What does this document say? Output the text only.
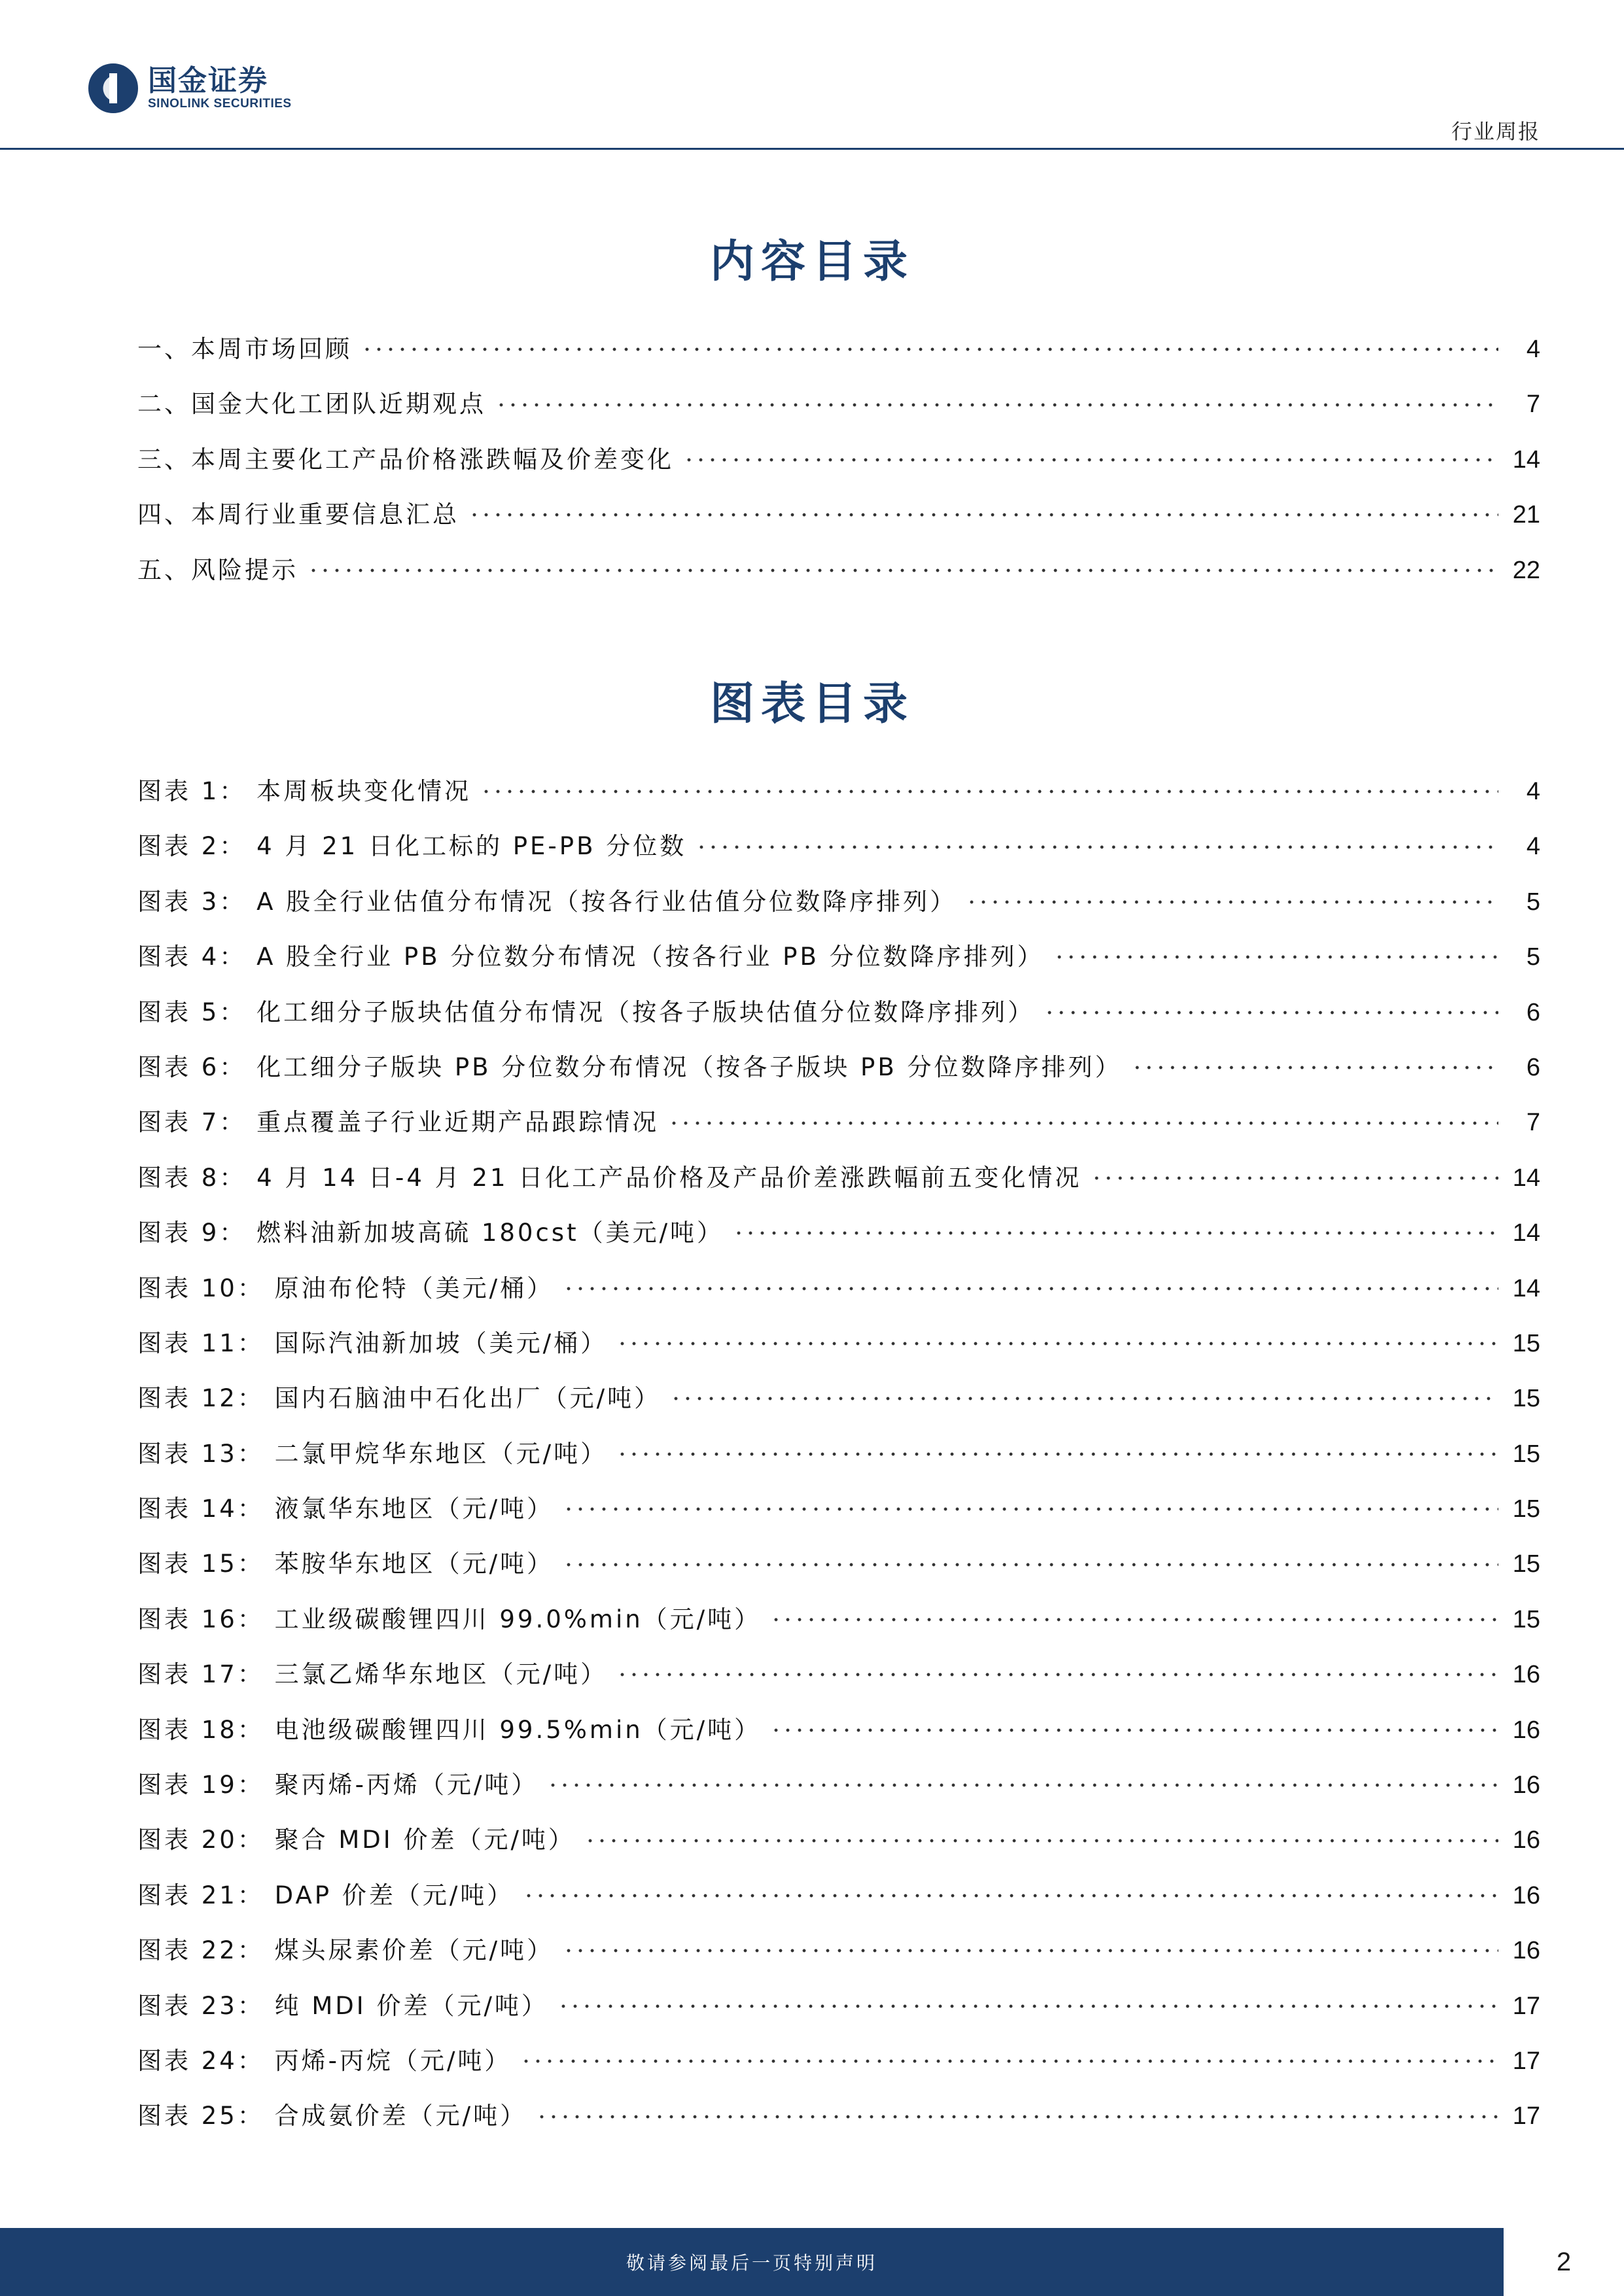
国金证券
SINOLINK SECURITIES
行业周报
内容目录
一、本周市场回顾	4
二、国金大化工团队近期观点	7
三、本周主要化工产品价格涨跌幅及价差变化	14
四、本周行业重要信息汇总	21
五、风险提示	22
图表目录
图表 1： 本周板块变化情况	4
图表 2： 4 月 21 日化工标的 PE-PB 分位数	4
图表 3： A 股全行业估值分布情况（按各行业估值分位数降序排列）	5
图表 4： A 股全行业 PB 分位数分布情况（按各行业 PB 分位数降序排列）	5
图表 5： 化工细分子版块估值分布情况（按各子版块估值分位数降序排列）	6
图表 6： 化工细分子版块 PB 分位数分布情况（按各子版块 PB 分位数降序排列）	6
图表 7： 重点覆盖子行业近期产品跟踪情况	7
图表 8： 4 月 14 日-4 月 21 日化工产品价格及产品价差涨跌幅前五变化情况	14
图表 9： 燃料油新加坡高硫 180cst（美元/吨）	14
图表 10： 原油布伦特（美元/桶）	14
图表 11： 国际汽油新加坡（美元/桶）	15
图表 12： 国内石脑油中石化出厂（元/吨）	15
图表 13： 二氯甲烷华东地区（元/吨）	15
图表 14： 液氯华东地区（元/吨）	15
图表 15： 苯胺华东地区（元/吨）	15
图表 16： 工业级碳酸锂四川 99.0%min（元/吨）	15
图表 17： 三氯乙烯华东地区（元/吨）	16
图表 18： 电池级碳酸锂四川 99.5%min（元/吨）	16
图表 19： 聚丙烯-丙烯（元/吨）	16
图表 20： 聚合 MDI 价差（元/吨）	16
图表 21： DAP 价差（元/吨）	16
图表 22： 煤头尿素价差（元/吨）	16
图表 23： 纯 MDI 价差（元/吨）	17
图表 24： 丙烯-丙烷（元/吨）	17
图表 25： 合成氨价差（元/吨）	17
敬请参阅最后一页特别声明	2
